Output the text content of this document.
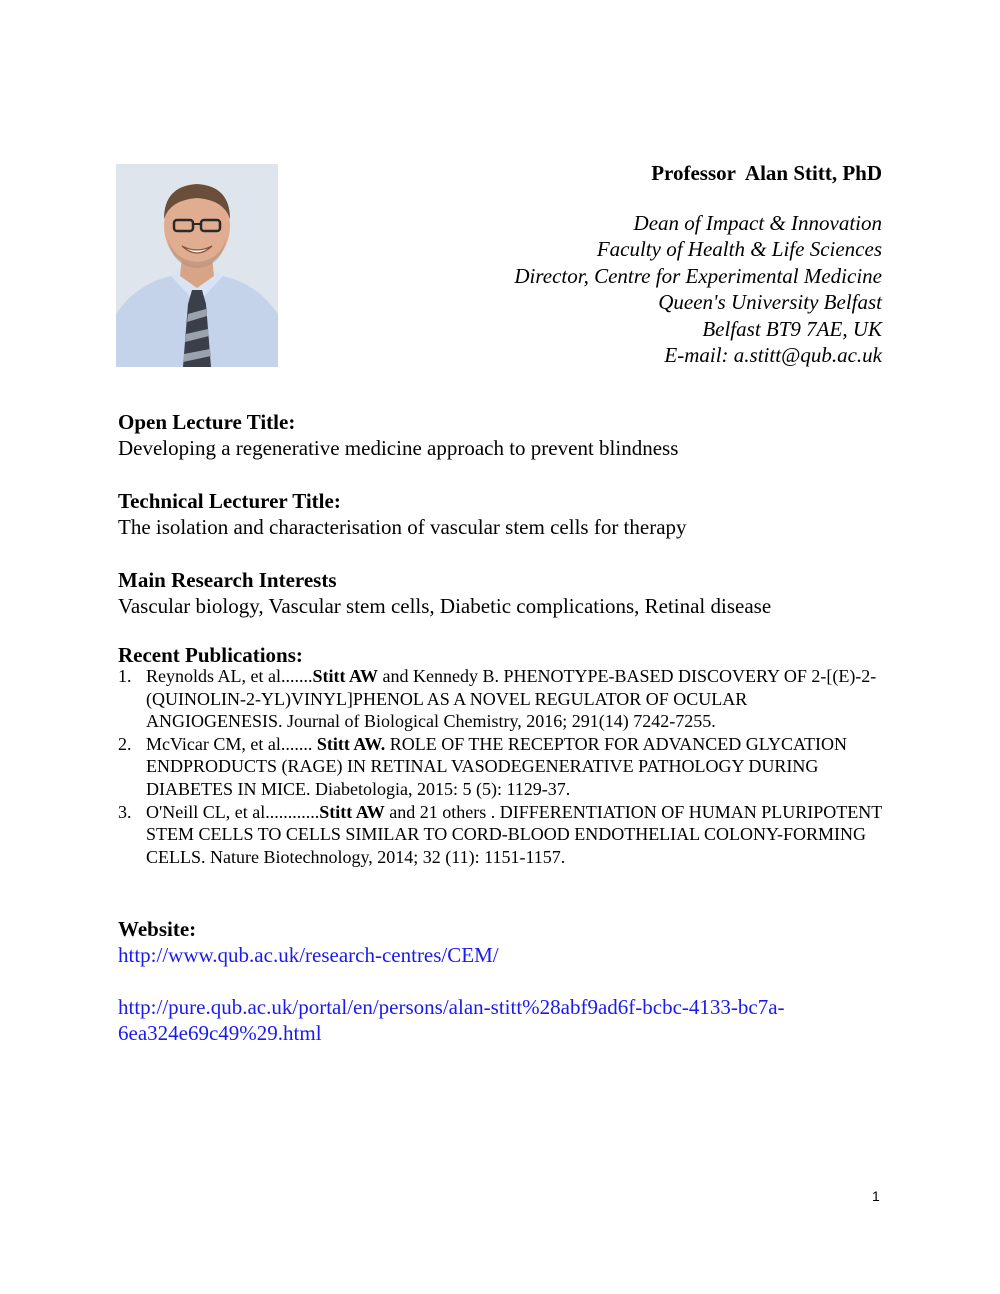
Professor  Alan Stitt, PhD
Dean of Impact & Innovation
Faculty of Health & Life Sciences
Director, Centre for Experimental Medicine
Queen's University Belfast
Belfast BT9 7AE, UK
E-mail: a.stitt@qub.ac.uk
Open Lecture Title:
Developing a regenerative medicine approach to prevent blindness
Technical Lecturer Title:
The isolation and characterisation of vascular stem cells for therapy
Main Research Interests
Vascular biology, Vascular stem cells, Diabetic complications, Retinal disease
Recent Publications:
1. Reynolds AL, et al.......Stitt AW and Kennedy B. PHENOTYPE-BASED DISCOVERY OF 2-[(E)-2-(QUINOLIN-2-YL)VINYL]PHENOL AS A NOVEL REGULATOR OF OCULAR ANGIOGENESIS. Journal of Biological Chemistry, 2016; 291(14) 7242-7255.
2. McVicar CM, et al....... Stitt AW. ROLE OF THE RECEPTOR FOR ADVANCED GLYCATION ENDPRODUCTS (RAGE) IN RETINAL VASODEGENERATIVE PATHOLOGY DURING DIABETES IN MICE. Diabetologia, 2015: 5 (5): 1129-37.
3. O'Neill CL, et al............Stitt AW and 21 others . DIFFERENTIATION OF HUMAN PLURIPOTENT STEM CELLS TO CELLS SIMILAR TO CORD-BLOOD ENDOTHELIAL COLONY-FORMING CELLS. Nature Biotechnology, 2014; 32 (11): 1151-1157.
Website:
http://www.qub.ac.uk/research-centres/CEM/
http://pure.qub.ac.uk/portal/en/persons/alan-stitt%28abf9ad6f-bcbc-4133-bc7a-
6ea324e69c49%29.html
1
